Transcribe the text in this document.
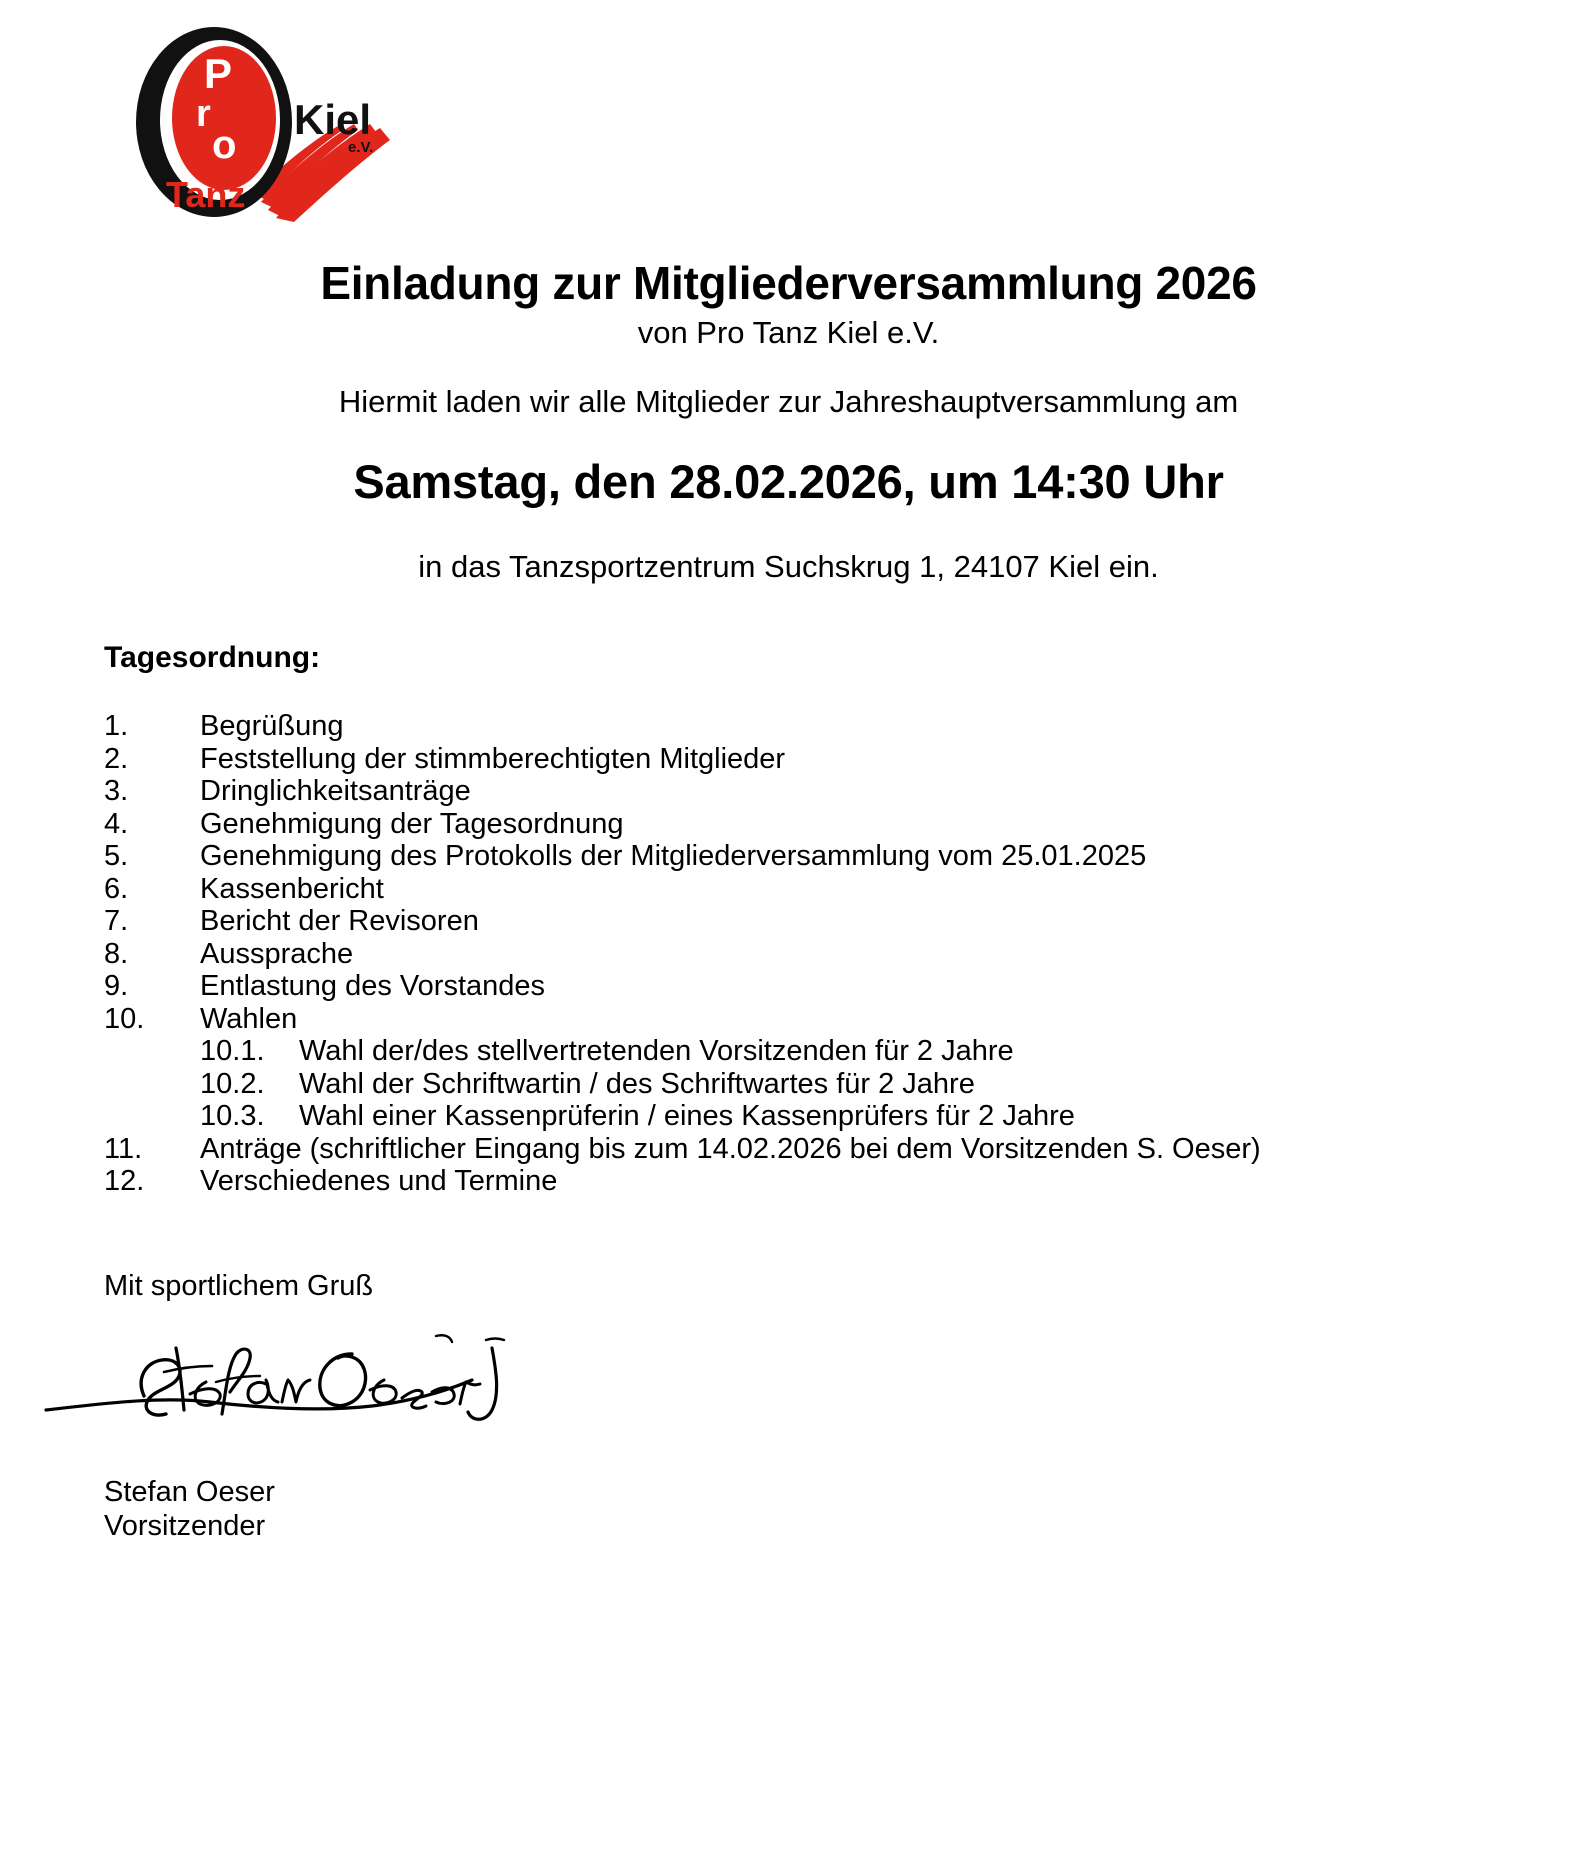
P
r
o
Tanz
Kiel
e.V.
Einladung zur Mitgliederversammlung 2026
von Pro Tanz Kiel e.V.
Hiermit laden wir alle Mitglieder zur Jahreshauptversammlung am
Samstag, den 28.02.2026, um 14:30 Uhr
in das Tanzsportzentrum Suchskrug 1, 24107 Kiel ein.
Tagesordnung:
1.	Begrüßung
2.	Feststellung der stimmberechtigten Mitglieder
3.	Dringlichkeitsanträge
4.	Genehmigung der Tagesordnung
5.	Genehmigung des Protokolls der Mitgliederversammlung vom 25.01.2025
6.	Kassenbericht
7.	Bericht der Revisoren
8.	Aussprache
9.	Entlastung des Vorstandes
10.	Wahlen
10.1.	Wahl der/des stellvertretenden Vorsitzenden für 2 Jahre
10.2.	Wahl der Schriftwartin / des Schriftwartes für 2 Jahre
10.3.	Wahl einer Kassenprüferin / eines Kassenprüfers für 2 Jahre
11.	Anträge (schriftlicher Eingang bis zum 14.02.2026 bei dem Vorsitzenden S. Oeser)
12.	Verschiedenes und Termine
Mit sportlichem Gruß
Stefan Oeser
Vorsitzender
